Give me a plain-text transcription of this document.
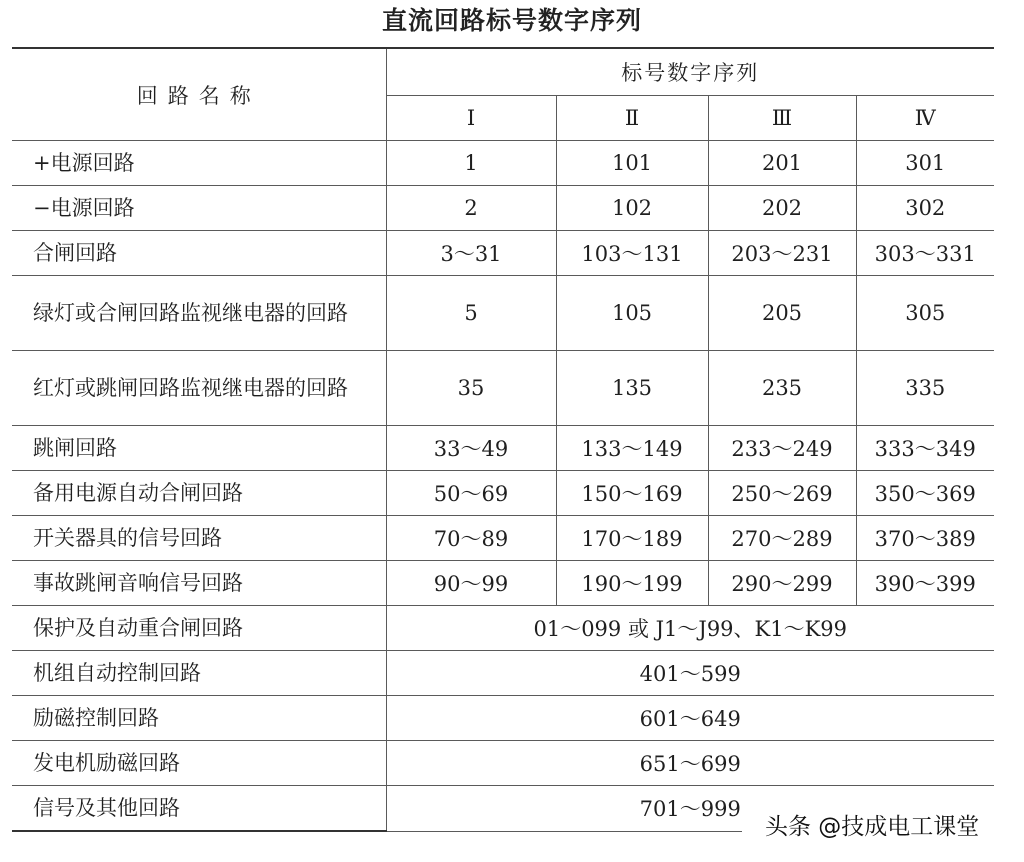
直流回路标号数字序列
回路名称	标号数字序列			
	Ⅰ	Ⅱ	Ⅲ	Ⅳ
+电源回路	1	101	201	301
−电源回路	2	102	202	302
合闸回路	3～31	103～131	203～231	303～331
绿灯或合闸回路监视继电器的回路	5	105	205	305
红灯或跳闸回路监视继电器的回路	35	135	235	335
跳闸回路	33～49	133～149	233～249	333～349
备用电源自动合闸回路	50～69	150～169	250～269	350～369
开关器具的信号回路	70～89	170～189	270～289	370～389
事故跳闸音响信号回路	90～99	190～199	290～299	390～399
保护及自动重合闸回路	01～099 或 J1～J99、K1～K99			
机组自动控制回路	401～599			
励磁控制回路	601～649			
发电机励磁回路	651～699			
信号及其他回路	701～999			
头条 @技成电工课堂
